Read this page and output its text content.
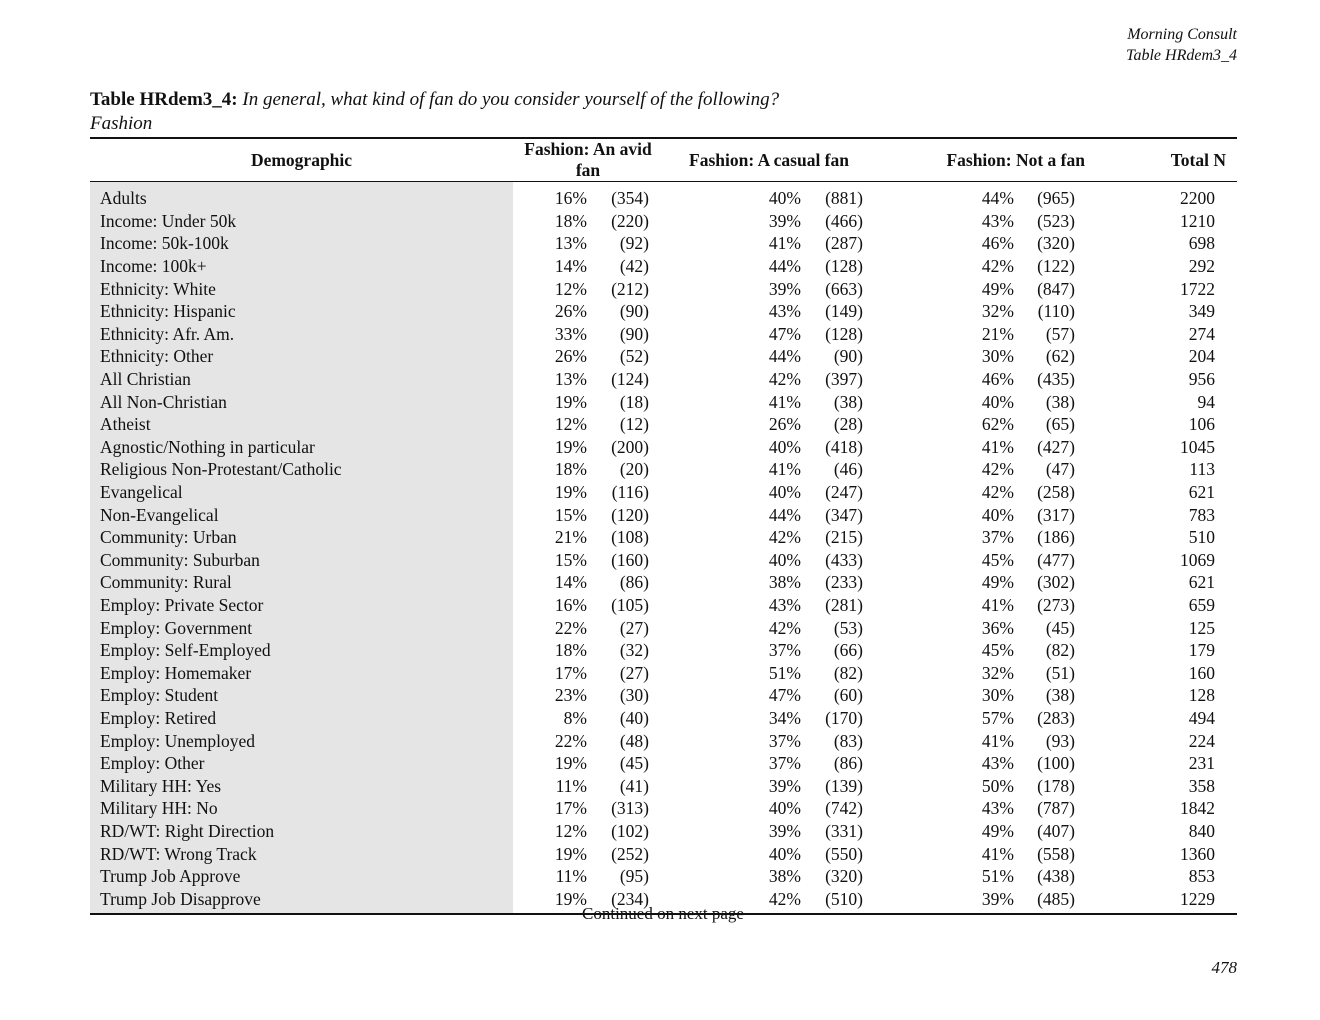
Morning Consult
Table HRdem3_4
Table HRdem3_4: In general, what kind of fan do you consider yourself of the following?
Fashion
Demographic	Fashion: An avid fan		Fashion: A casual fan		Fashion: Not a fan		Total N

Adults	16%	(354)	40%	(881)	44%	(965)	2200
Income: Under 50k	18%	(220)	39%	(466)	43%	(523)	1210
Income: 50k-100k	13%	(92)	41%	(287)	46%	(320)	698
Income: 100k+	14%	(42)	44%	(128)	42%	(122)	292
Ethnicity: White	12%	(212)	39%	(663)	49%	(847)	1722
Ethnicity: Hispanic	26%	(90)	43%	(149)	32%	(110)	349
Ethnicity: Afr. Am.	33%	(90)	47%	(128)	21%	(57)	274
Ethnicity: Other	26%	(52)	44%	(90)	30%	(62)	204
All Christian	13%	(124)	42%	(397)	46%	(435)	956
All Non-Christian	19%	(18)	41%	(38)	40%	(38)	94
Atheist	12%	(12)	26%	(28)	62%	(65)	106
Agnostic/Nothing in particular	19%	(200)	40%	(418)	41%	(427)	1045
Religious Non-Protestant/Catholic	18%	(20)	41%	(46)	42%	(47)	113
Evangelical	19%	(116)	40%	(247)	42%	(258)	621
Non-Evangelical	15%	(120)	44%	(347)	40%	(317)	783
Community: Urban	21%	(108)	42%	(215)	37%	(186)	510
Community: Suburban	15%	(160)	40%	(433)	45%	(477)	1069
Community: Rural	14%	(86)	38%	(233)	49%	(302)	621
Employ: Private Sector	16%	(105)	43%	(281)	41%	(273)	659
Employ: Government	22%	(27)	42%	(53)	36%	(45)	125
Employ: Self-Employed	18%	(32)	37%	(66)	45%	(82)	179
Employ: Homemaker	17%	(27)	51%	(82)	32%	(51)	160
Employ: Student	23%	(30)	47%	(60)	30%	(38)	128
Employ: Retired	8%	(40)	34%	(170)	57%	(283)	494
Employ: Unemployed	22%	(48)	37%	(83)	41%	(93)	224
Employ: Other	19%	(45)	37%	(86)	43%	(100)	231
Military HH: Yes	11%	(41)	39%	(139)	50%	(178)	358
Military HH: No	17%	(313)	40%	(742)	43%	(787)	1842
RD/WT: Right Direction	12%	(102)	39%	(331)	49%	(407)	840
RD/WT: Wrong Track	19%	(252)	40%	(550)	41%	(558)	1360
Trump Job Approve	11%	(95)	38%	(320)	51%	(438)	853
Trump Job Disapprove	19%	(234)	42%	(510)	39%	(485)	1229
Continued on next page
478
